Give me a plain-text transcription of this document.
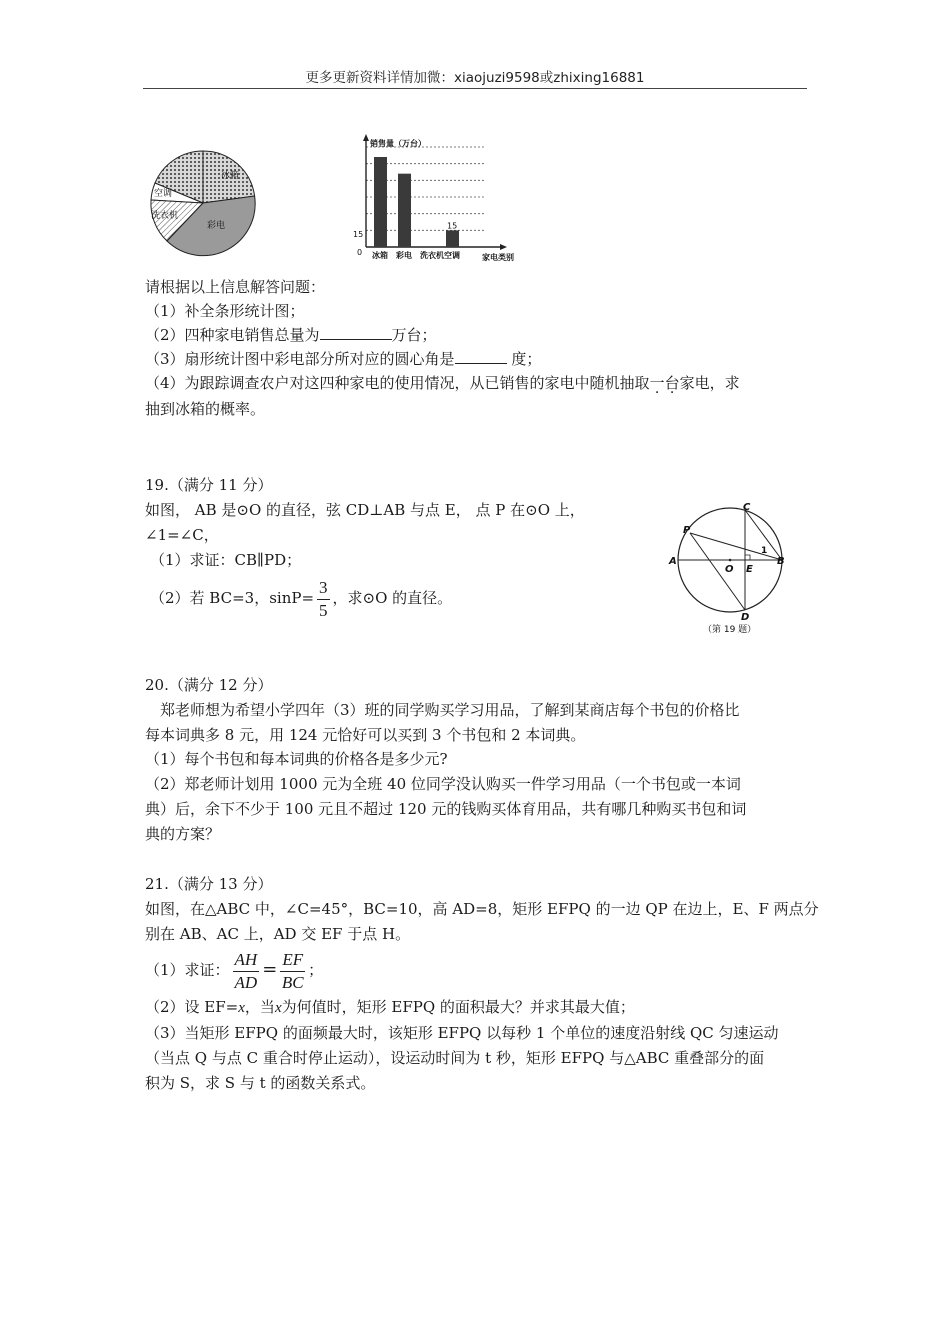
更多更新资料详情加微：xiaojuzi9598或zhixing16881
冰箱
空调
洗衣机
彩电
冰箱 彩电 洗衣机 空调
15
销售量（万台）
家电类别
15
0
请根据以上信息解答问题：
（1）补全条形统计图；
（2）四种家电销售总量为	万台；
（3）扇形统计图中彩电部分所对应的圆心角是	度；
（4）为跟踪调查农户对这四种家电的使用情况，从已销售的家电中随机抽取一台家电，求
抽到冰箱的概率。
19.（满分 11 分）
如图， AB 是⊙O 的直径，弦 CD⊥AB 与点 E， 点 P 在⊙O 上，
∠1=∠C，
（1）求证：CB∥PD；
（2）若 BC=3，$\sin P= \frac{3}{5}$ ，求⊙O 的直径。
C
P
A
O E
B
D
1
（第 19 题）
20.（满分 12 分）
郑老师想为希望小学四年（3）班的同学购买学习用品，了解到某商店每个书包的价格比
每本词典多 8 元，用 124 元恰好可以买到 3 个书包和 2 本词典。
（1）每个书包和每本词典的价格各是多少元?
（2）郑老师计划用 1000 元为全班 40 位同学没认购买一件学习用品（一个书包或一本词
典）后，余下不少于 100 元且不超过 120 元的钱购买体育用品，共有哪几种购买书包和词
典的方案？
21.（满分 13 分）
如图，在△ABC 中，∠C=45°，BC=10，高 AD=8，矩形 EFPQ 的一边 QP 在边上，E、F 两点分
别在 AB、AC 上，AD 交 EF 于点 H。
（1）求证： $\frac{AH}{AD} = \frac{EF}{BC}$ ；
（2）设 EF=x，当x为何值时，矩形 EFPQ 的面积最大？并求其最大值；
（3）当矩形 EFPQ 的面频最大时，该矩形 EFPQ 以每秒 1 个单位的速度沿射线 QC 匀速运动
（当点 Q 与点 C 重合时停止运动），设运动时间为 t 秒，矩形 EFPQ 与△ABC 重叠部分的面
积为 S，求 S 与 t 的函数关系式。
